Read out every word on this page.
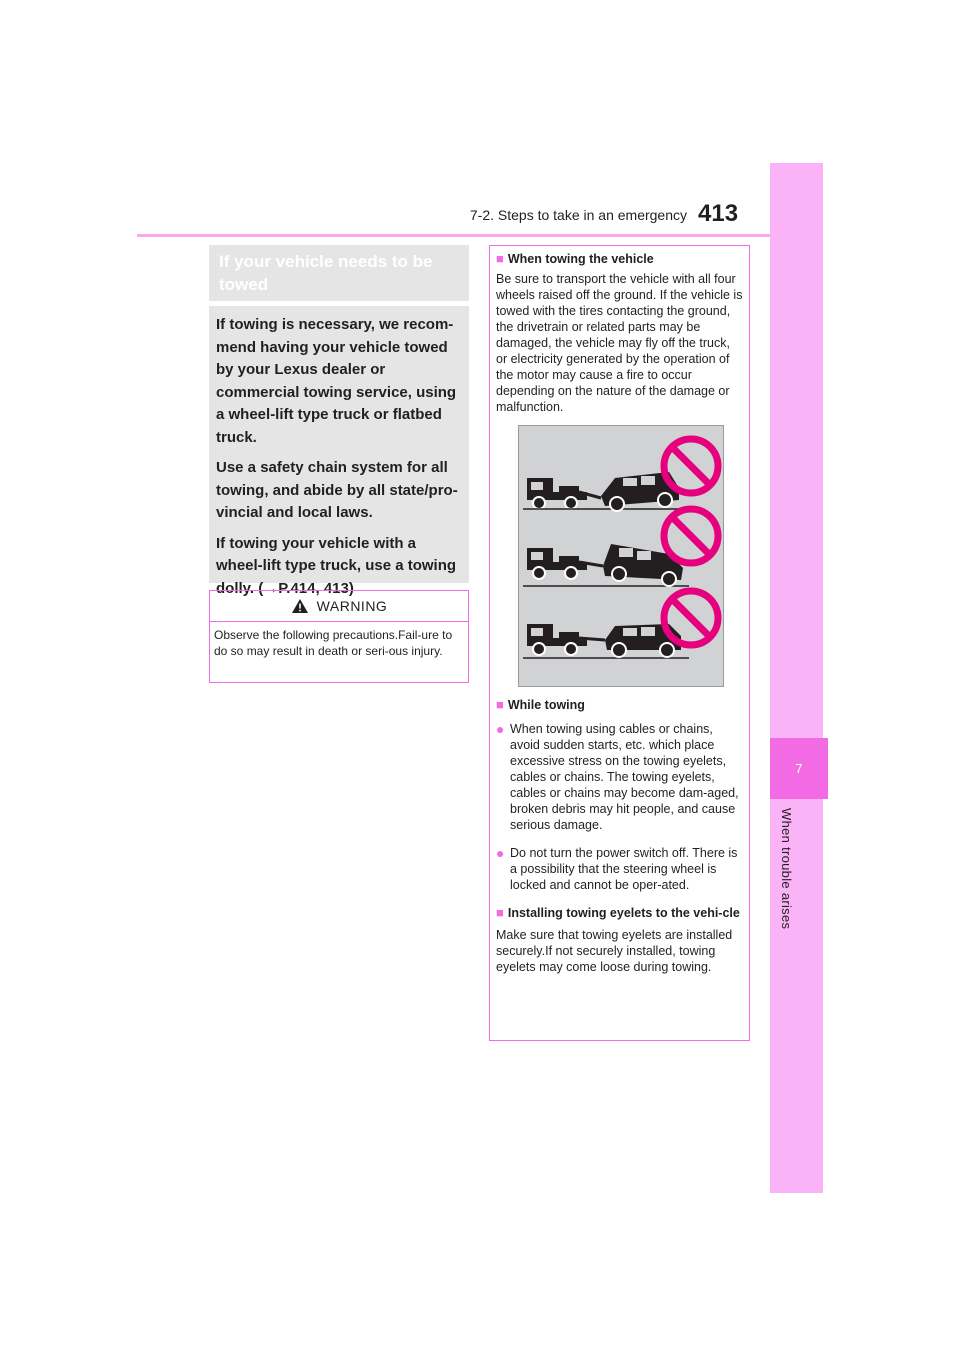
7-2. Steps to take in an emergency 413
7
When trouble arises
If your vehicle needs to be towed

If towing is necessary, we recom-mend having your vehicle towed by your Lexus dealer or commercial towing service, using a wheel-lift type truck or flatbed truck.

Use a safety chain system for all towing, and abide by all state/pro-vincial and local laws.

If towing your vehicle with a wheel-lift type truck, use a towing dolly. (→P.414, 413)

WARNING
Observe the following precautions.Fail-ure to do so may result in death or seri-ous injury.

■ When towing the vehicle

Be sure to transport the vehicle with all four wheels raised off the ground. If the vehicle is towed with the tires contacting the ground, the drivetrain or related parts may be damaged, the vehicle may fly off the truck, or electricity generated by the operation of the motor may cause a fire to occur depending on the nature of the damage or malfunction.

■ While towing

● When towing using cables or chains, avoid sudden starts, etc. which place excessive stress on the towing eyelets, cables or chains. The towing eyelets, cables or chains may become dam-aged, broken debris may hit people, and cause serious damage.
● Do not turn the power switch off. There is a possibility that the steering wheel is locked and cannot be oper-ated.

■ Installing towing eyelets to the vehi-cle

Make sure that towing eyelets are installed securely.If not securely installed, towing eyelets may come loose during towing.
